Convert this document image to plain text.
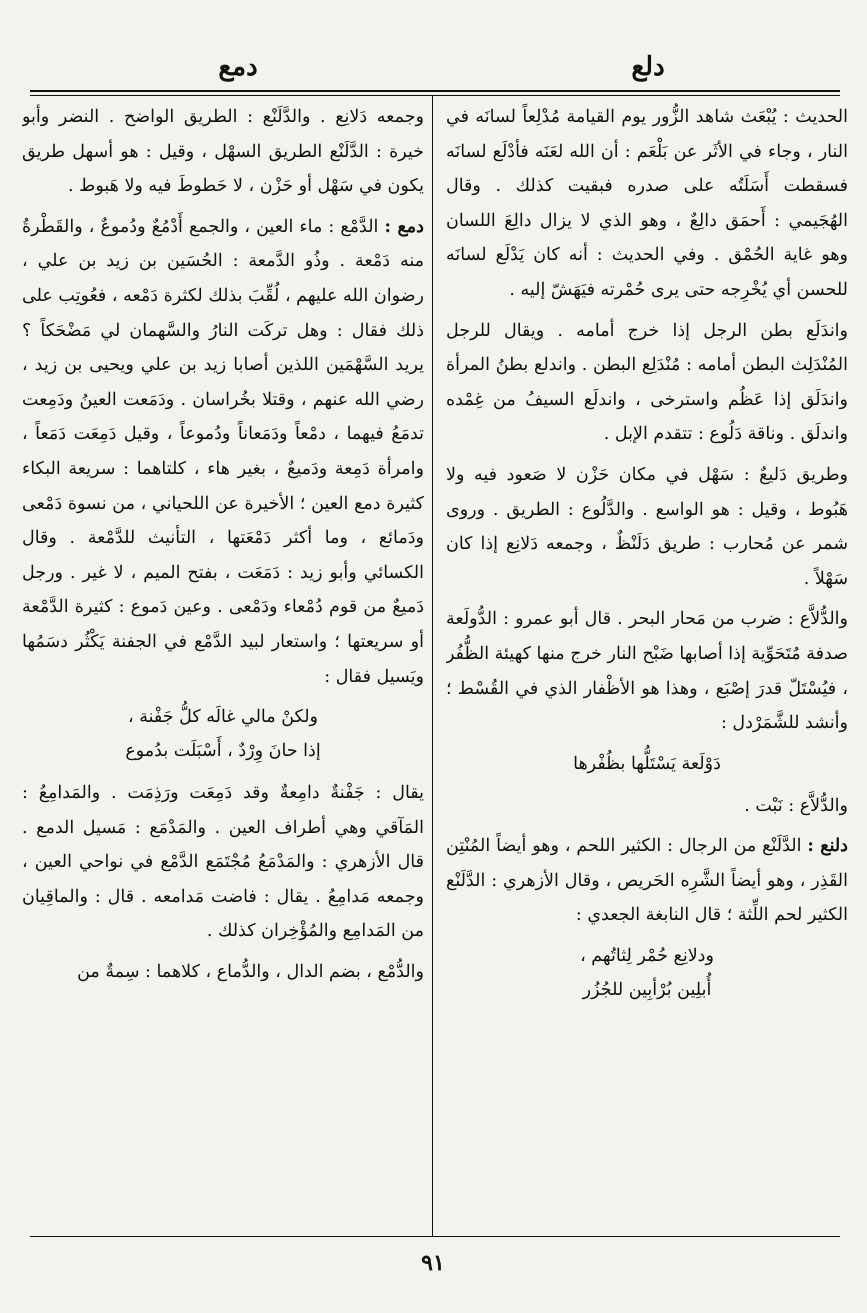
دلع
دمع

الحديث : يُبْعَث شاهد الزُّور يوم القيامة مُدْلِعاً لسانَه في النار ، وجاء في الأثَر عن بَلْعَم : أن الله لعَنَه فأدْلَع لسانَه فسقطت أَسَلَتُه على صدره فبقيت كذلك . وقال الهُجَيمي : أَحمَق دالِعٌ ، وهو الذي لا يزال دالِعَ اللسان وهو غاية الحُمْق . وفي الحديث : أنه كان يَدْلَع لسانَه للحسن أي يُخْرِجه حتى يرى حُمْرته فيَهَشّ إليه .

واندَلَع بطن الرجل إذا خرج أمامه . ويقال للرجل المُنْدَلِث البطن أمامه : مُنْدَلِع البطن . واندلع بطنُ المرأة واندَلَق إذا عَظُم واسترخى ، واندلَع السيفُ من غِمْده واندلَق . وناقة دَلُوع : تتقدم الإبل .

وطريق دَليعٌ : سَهْل في مكان حَزْن لا صَعود فيه ولا هَبُوط ، وقيل : هو الواسع . والدَّلُوع : الطريق . وروى شمر عن مُحارب : طريق دَلَنْظٌ ، وجمعه دَلانِع إذا كان سَهْلاً .

والدُّلاَّع : ضرب من مَحار البحر . قال أبو عمرو : الدُّولَعة صدفة مُتَحَوِّية إذا أصابها ضَبْح النار خرج منها كهيئة الظُّفُر ، فيُسْتَلّ قدرَ إصْبَع ، وهذا هو الأظْفار الذي في القُسْط ؛ وأنشد للشَّمَرْدل :

دَوْلَعة يَسْتَلُّها بظُفْرها

والدُّلاَّع : نَبْت .

دلنع : الدَّلَنْع من الرجال : الكثير اللحم ، وهو أيضاً المُنْتِن القَذِر ، وهو أيضاً الشَّرِه الحَريص ، وقال الأزهري : الدَّلَنْع الكثير لحم اللِّثة ؛ قال النابغة الجعدي :

ودلانِع حُمْر لِثاتُهم ،
أُبلِين بُرْأبِين للجُزُر

وجمعه دَلانِع . والدَّلَنْع : الطريق الواضح . النضر وأبو خيرة : الدَّلَنْع الطريق السهْل ، وقيل : هو أسهل طريق يكون في سَهْل أو حَزْن ، لا حَطوطَ فيه ولا هَبوط .

دمع : الدَّمْع : ماء العين ، والجمع أَدْمُعٌ ودُموعٌ ، والقَطْرةُ منه دَمْعة . وذُو الدَّمعة : الحُسَين بن زيد بن علي ، رضوان الله عليهم ، لُقِّبَ بذلك لكثرة دَمْعه ، فعُوتِب على ذلك فقال : وهل تركَت النارُ والسَّهمان لي مَضْحَكاً ؟ يريد السَّهْمَين اللذين أصابا زيد بن علي ويحيى بن زيد ، رضي الله عنهم ، وقتلا بخُراسان . ودَمَعت العينُ ودَمِعت تدمَعُ فيهما ، دمْعاً ودَمَعاناً ودُموعاً ، وقيل دَمِعَت دَمَعاً ، وامرأة دَمِعة ودَميعٌ ، بغير هاء ، كلتاهما : سريعة البكاء كثيرة دمع العين ؛ الأخيرة عن اللحياني ، من نسوة دَمْعى ودَمائع ، وما أكثر دَمْعَتها ، التأنيث للدَّمْعة . وقال الكسائي وأبو زيد : دَمَعَت ، بفتح الميم ، لا غير . ورجل دَميعٌ من قوم دُمْعاء ودَمْعى . وعين دَموع : كثيرة الدَّمْعة أو سريعتها ؛ واستعار لبيد الدَّمْع في الجفنة يَكْثُر دسَمُها ويَسيل فقال :

ولكنْ مالي غالَه كلُّ جَفْنة ،
إذا حانَ وِرْدٌ ، أَسْبَلَت بدُموع

يقال : جَفْنةٌ دامِعةٌ وقد دَمِعَت ورَذِمَت . والمَدامِعُ : المَآقي وهي أطراف العين . والمَدْمَع : مَسيل الدمع . قال الأزهري : والمَدْمَعُ مُجْتَمَع الدَّمْع في نواحي العين ، وجمعه مَدامِعُ . يقال : فاضت مَدامعه . قال : والماقِيان من المَدامِع والمُؤْخِران كذلك .

والدُّمْع ، بضم الدال ، والدُّماع ، كلاهما : سِمةٌ من

٩١
